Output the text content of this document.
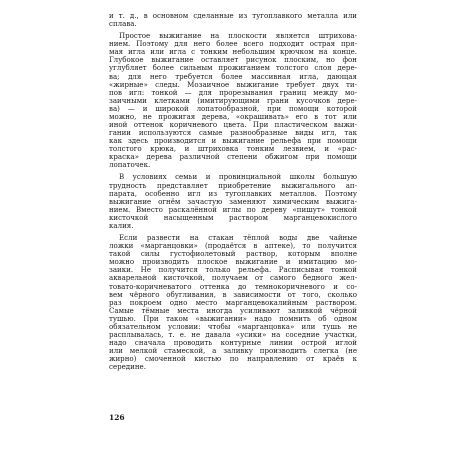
и т. д., в основном сделанные из тугоплавкого металла или
сплава.
Простое выжигание на плоскости является штрихова-
нием. Поэтому для него более всего подходит острая пря-
мая игла или игла с тонким небольшим крючком на конце.
Глубокое выжигание оставляет рисунок плоским, но фон
углубляет более сильным прожиганием толстого слоя дере-
ва; для него требуется более массивная игла, дающая
«жирные» следы. Мозаичное выжигание требует двух ти-
пов игл: тонкой — для прорезывания границ между мо-
заичными клетками (имитирующими грани кусочков дере-
ва) — и широкой лопатообразной, при помощи которой
можно, не прожигая дерева, «окрашивать» его в тот или
иной оттенок коричневого цвета. При пластическом выжи-
гании используются самые разнообразные виды игл, так
как здесь производится и выжигание рельефа при помощи
толстого крюка, и штриховка тонким лезвием, и «рас-
краска» дерева различной степени обжигом при помощи
лопаточек.
В условиях семьи и провинциальной школы большую
трудность представляет приобретение выжигального ап-
парата, особенно игл из тугоплавких металлов. Поэтому
выжигание огнём зачастую заменяют химическим выжига-
нием. Вместо раскалённой иглы по дереву «пишут» тонкой
кисточкой насыщенным раствором марганцевокислого
калия.
Если развести на стакан тёплой воды две чайные
ложки «марганцовки» (продаётся в аптеке), то получится
такой силы густофиолетовый раствор, которым вполне
можно производить плоское выжигание и имитацию мо-
заики. Не получится только рельефа. Расписывая тонкой
акварельной кисточкой, получаем от самого бедного жел-
товато-коричневатого оттенка до темнокоричневого и со-
вем чёрного обугливания, в зависимости от того, сколько
раз покроем одно место марганцевокалийным раствором.
Самые тёмные места иногда усиливают заливкой чёрной
тушью. При таком «выжигании» надо помнить об одном
обязательном условии: чтобы «марганцовка» или тушь не
расплывалась, т. е. не давала «усики» на соседние участки,
надо сначала проводить контурные линии острой иглой
или мелкой стамеской, а заливку производить слегка (не
жирно) смоченной кистью по направлению от краёв к
середине.
126
